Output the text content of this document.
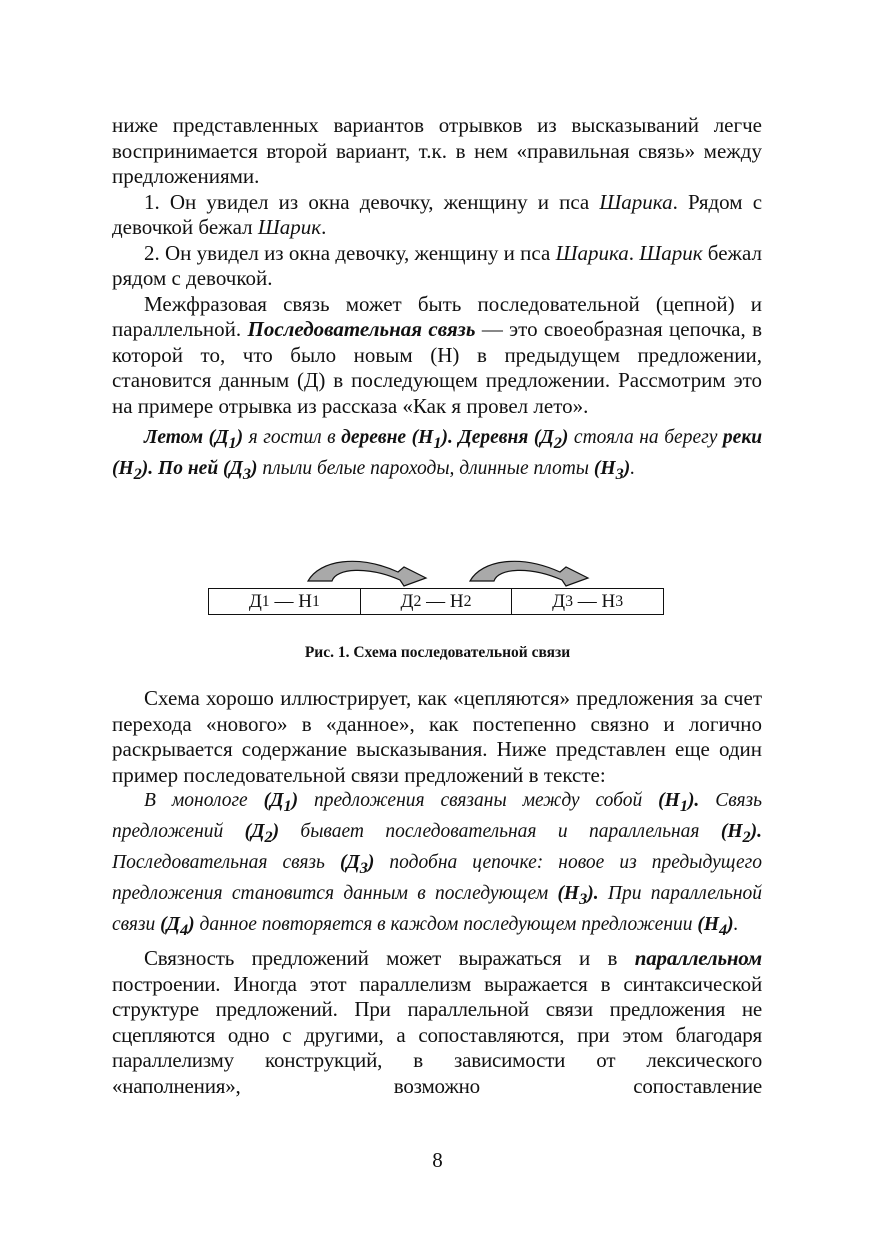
ниже представленных вариантов отрывков из высказываний легче воспринимается второй вариант, т.к. в нем «правильная связь» между предложениями.

1. Он увидел из окна девочку, женщину и пса Шарика. Рядом с девочкой бежал Шарик.

2. Он увидел из окна девочку, женщину и пса Шарика. Шарик бежал рядом с девочкой.

Межфразовая связь может быть последовательной (цепной) и параллельной. Последовательная связь — это своеобразная цепочка, в которой то, что было новым (Н) в предыдущем предложении, становится данным (Д) в последующем предложении. Рассмотрим это на примере отрывка из рассказа «Как я провел лето».

Летом $(Д_1)$ я гостил в деревне $(Н_1)$. Деревня $(Д_2)$ стояла на берегу реки $(Н_2)$. По ней $(Д_3)$ плыли белые пароходы, длинные плоты $(Н_3)$.

Д 1 — Н 1	Д 2 — Н 2	Д 3 — Н 3
Рис. 1. Схема последовательной связи

Схема хорошо иллюстрирует, как «цепляются» предложения за счет перехода «нового» в «данное», как постепенно связно и логично раскрывается содержание высказывания. Ниже представлен еще один пример последовательной связи предложений в тексте:

В монологе $(Д_1)$ предложения связаны между собой $(Н_1)$. Связь предложений $(Д_2)$ бывает последовательная и параллельная $(Н_2)$. Последовательная связь $(Д_3)$ подобна цепочке: новое из предыдущего предложения становится данным в последующем $(Н_3)$. При параллельной связи $(Д_4)$ данное повторяется в каждом последующем предложении $(Н_4)$.

Связность предложений может выражаться и в параллельном построении. Иногда этот параллелизм выражается в синтаксической структуре предложений. При параллельной связи предложения не сцепляются одно с другими, а сопоставляются, при этом благодаря параллелизму конструкций, в зависимости от лексического «наполнения», возможно сопоставление

8
